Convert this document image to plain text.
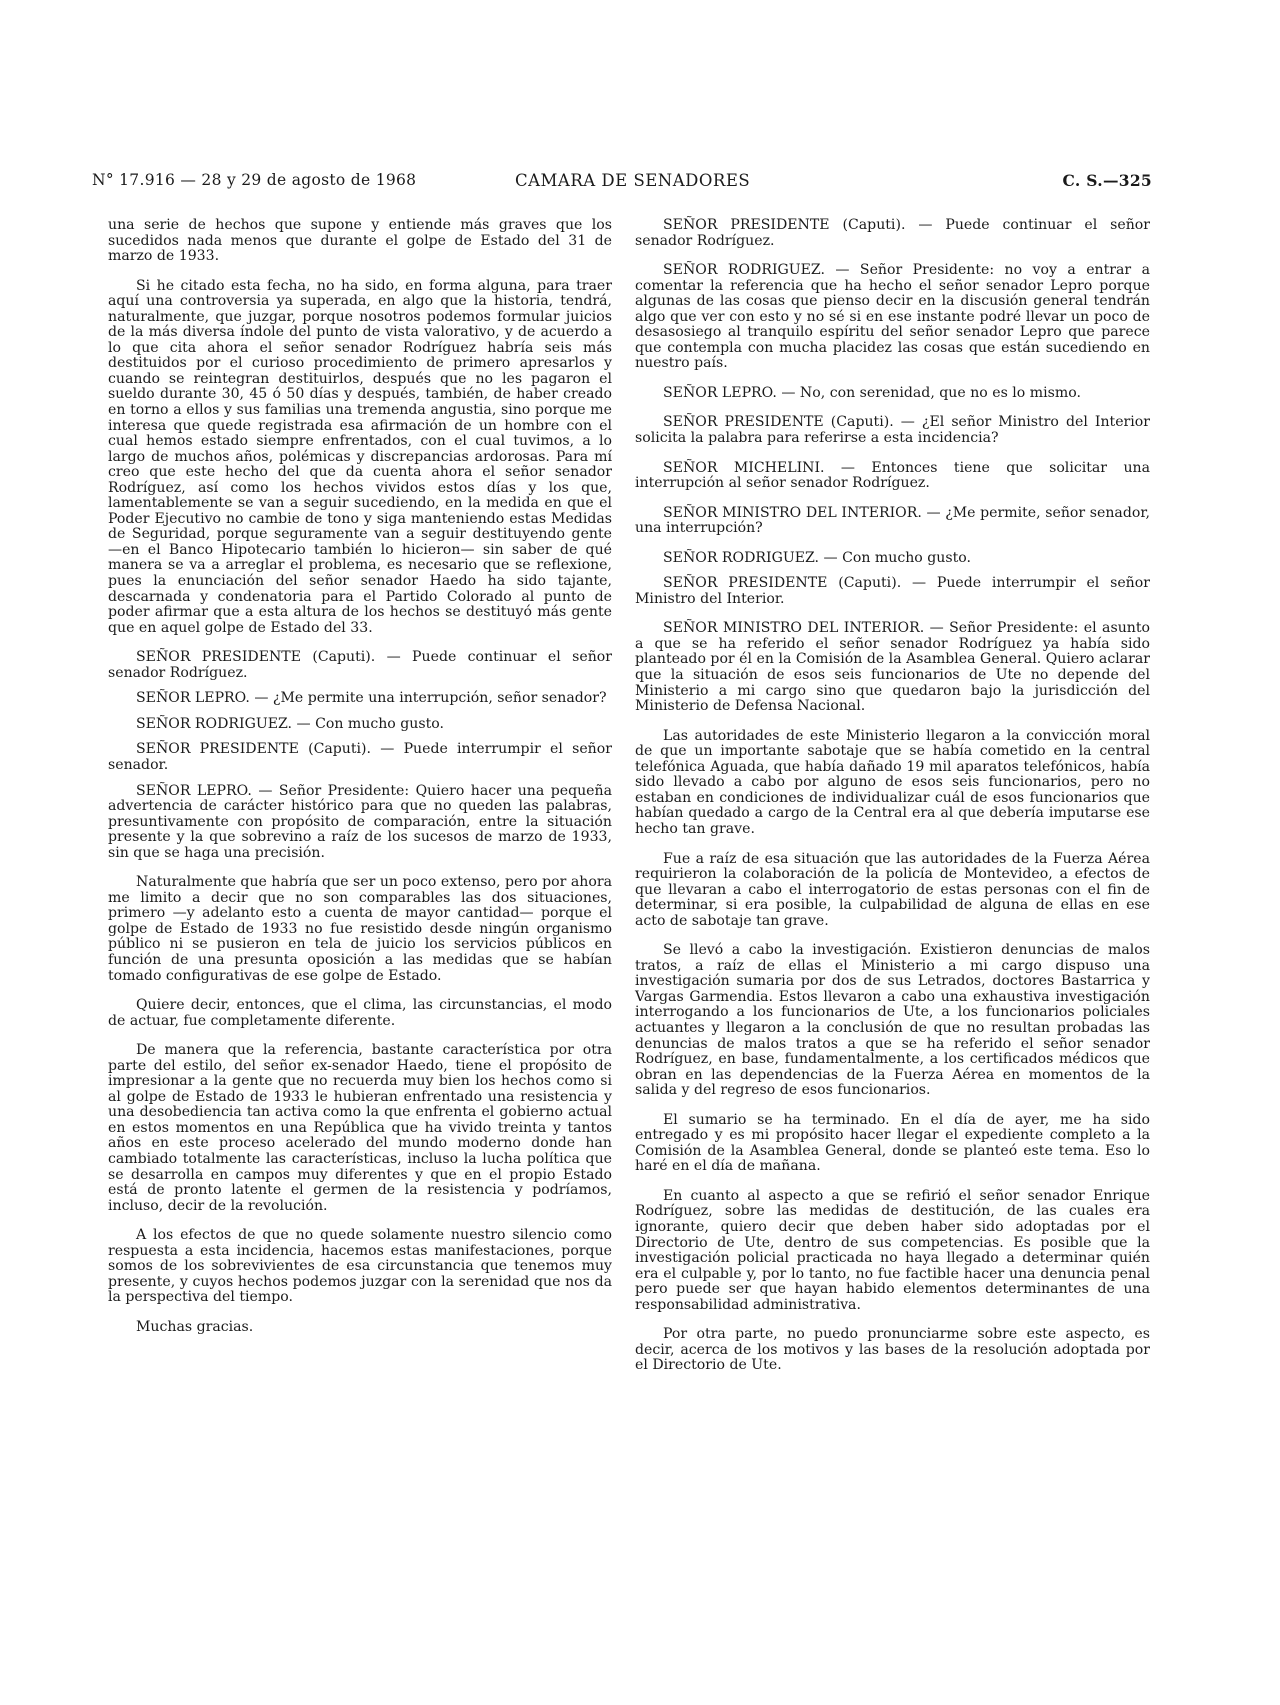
N° 17.916 — 28 y 29 de agosto de 1968	CAMARA DE SENADORES	C. S.—325

una serie de hechos que supone y entiende más graves que los sucedidos nada menos que durante el golpe de Estado del 31 de marzo de 1933.

Si he citado esta fecha, no ha sido, en forma alguna, para traer aquí una controversia ya superada, en algo que la historia, tendrá, naturalmente, que juzgar, porque nosotros podemos formular juicios de la más diversa índole del punto de vista valorativo, y de acuerdo a lo que cita ahora el señor senador Rodríguez habría seis más destituidos por el curioso procedimiento de primero apresarlos y cuando se reintegran destituirlos, después que no les pagaron el sueldo durante 30, 45 ó 50 días y después, también, de haber creado en torno a ellos y sus familias una tremenda angustia, sino porque me interesa que quede registrada esa afirmación de un hombre con el cual hemos estado siempre enfrentados, con el cual tuvimos, a lo largo de muchos años, polémicas y discrepancias ardorosas. Para mí creo que este hecho del que da cuenta ahora el señor senador Rodríguez, así como los hechos vividos estos días y los que, lamentablemente se van a seguir sucediendo, en la medida en que el Poder Ejecutivo no cambie de tono y siga manteniendo estas Medidas de Seguridad, porque seguramente van a seguir destituyendo gente —en el Banco Hipotecario también lo hicieron— sin saber de qué manera se va a arreglar el problema, es necesario que se reflexione, pues la enunciación del señor senador Haedo ha sido tajante, descarnada y condenatoria para el Partido Colorado al punto de poder afirmar que a esta altura de los hechos se destituyó más gente que en aquel golpe de Estado del 33.

SEÑOR PRESIDENTE (Caputi). — Puede continuar el señor senador Rodríguez.

SEÑOR LEPRO. — ¿Me permite una interrupción, señor senador?

SEÑOR RODRIGUEZ. — Con mucho gusto.

SEÑOR PRESIDENTE (Caputi). — Puede interrumpir el señor senador.

SEÑOR LEPRO. — Señor Presidente: Quiero hacer una pequeña advertencia de carácter histórico para que no queden las palabras, presuntivamente con propósito de comparación, entre la situación presente y la que sobrevino a raíz de los sucesos de marzo de 1933, sin que se haga una precisión.

Naturalmente que habría que ser un poco extenso, pero por ahora me limito a decir que no son comparables las dos situaciones, primero —y adelanto esto a cuenta de mayor cantidad— porque el golpe de Estado de 1933 no fue resistido desde ningún organismo público ni se pusieron en tela de juicio los servicios públicos en función de una presunta oposición a las medidas que se habían tomado configurativas de ese golpe de Estado.

Quiere decir, entonces, que el clima, las circunstancias, el modo de actuar, fue completamente diferente.

De manera que la referencia, bastante característica por otra parte del estilo, del señor ex-senador Haedo, tiene el propósito de impresionar a la gente que no recuerda muy bien los hechos como si al golpe de Estado de 1933 le hubieran enfrentado una resistencia y una desobediencia tan activa como la que enfrenta el gobierno actual en estos momentos en una República que ha vivido treinta y tantos años en este proceso acelerado del mundo moderno donde han cambiado totalmente las características, incluso la lucha política que se desarrolla en campos muy diferentes y que en el propio Estado está de pronto latente el germen de la resistencia y podríamos, incluso, decir de la revolución.

A los efectos de que no quede solamente nuestro silencio como respuesta a esta incidencia, hacemos estas manifestaciones, porque somos de los sobrevivientes de esa circunstancia que tenemos muy presente, y cuyos hechos podemos juzgar con la serenidad que nos da la perspectiva del tiempo.

Muchas gracias.

SEÑOR PRESIDENTE (Caputi). — Puede continuar el señor senador Rodríguez.

SEÑOR RODRIGUEZ. — Señor Presidente: no voy a entrar a comentar la referencia que ha hecho el señor senador Lepro porque algunas de las cosas que pienso decir en la discusión general tendrán algo que ver con esto y no sé si en ese instante podré llevar un poco de desasosiego al tranquilo espíritu del señor senador Lepro que parece que contempla con mucha placidez las cosas que están sucediendo en nuestro país.

SEÑOR LEPRO. — No, con serenidad, que no es lo mismo.

SEÑOR PRESIDENTE (Caputi). — ¿El señor Ministro del Interior solicita la palabra para referirse a esta incidencia?

SEÑOR MICHELINI. — Entonces tiene que solicitar una interrupción al señor senador Rodríguez.

SEÑOR MINISTRO DEL INTERIOR. — ¿Me permite, señor senador, una interrupción?

SEÑOR RODRIGUEZ. — Con mucho gusto.

SEÑOR PRESIDENTE (Caputi). — Puede interrumpir el señor Ministro del Interior.

SEÑOR MINISTRO DEL INTERIOR. — Señor Presidente: el asunto a que se ha referido el señor senador Rodríguez ya había sido planteado por él en la Comisión de la Asamblea General. Quiero aclarar que la situación de esos seis funcionarios de Ute no depende del Ministerio a mi cargo sino que quedaron bajo la jurisdicción del Ministerio de Defensa Nacional.

Las autoridades de este Ministerio llegaron a la convicción moral de que un importante sabotaje que se había cometido en la central telefónica Aguada, que había dañado 19 mil aparatos telefónicos, había sido llevado a cabo por alguno de esos seis funcionarios, pero no estaban en condiciones de individualizar cuál de esos funcionarios que habían quedado a cargo de la Central era al que debería imputarse ese hecho tan grave.

Fue a raíz de esa situación que las autoridades de la Fuerza Aérea requirieron la colaboración de la policía de Montevideo, a efectos de que llevaran a cabo el interrogatorio de estas personas con el fin de determinar, si era posible, la culpabilidad de alguna de ellas en ese acto de sabotaje tan grave.

Se llevó a cabo la investigación. Existieron denuncias de malos tratos, a raíz de ellas el Ministerio a mi cargo dispuso una investigación sumaria por dos de sus Letrados, doctores Bastarrica y Vargas Garmendia. Estos llevaron a cabo una exhaustiva investigación interrogando a los funcionarios de Ute, a los funcionarios policiales actuantes y llegaron a la conclusión de que no resultan probadas las denuncias de malos tratos a que se ha referido el señor senador Rodríguez, en base, fundamentalmente, a los certificados médicos que obran en las dependencias de la Fuerza Aérea en momentos de la salida y del regreso de esos funcionarios.

El sumario se ha terminado. En el día de ayer, me ha sido entregado y es mi propósito hacer llegar el expediente completo a la Comisión de la Asamblea General, donde se planteó este tema. Eso lo haré en el día de mañana.

En cuanto al aspecto a que se refirió el señor senador Enrique Rodríguez, sobre las medidas de destitución, de las cuales era ignorante, quiero decir que deben haber sido adoptadas por el Directorio de Ute, dentro de sus competencias. Es posible que la investigación policial practicada no haya llegado a determinar quién era el culpable y, por lo tanto, no fue factible hacer una denuncia penal pero puede ser que hayan habido elementos determinantes de una responsabilidad administrativa.

Por otra parte, no puedo pronunciarme sobre este aspecto, es decir, acerca de los motivos y las bases de la resolución adoptada por el Directorio de Ute.
